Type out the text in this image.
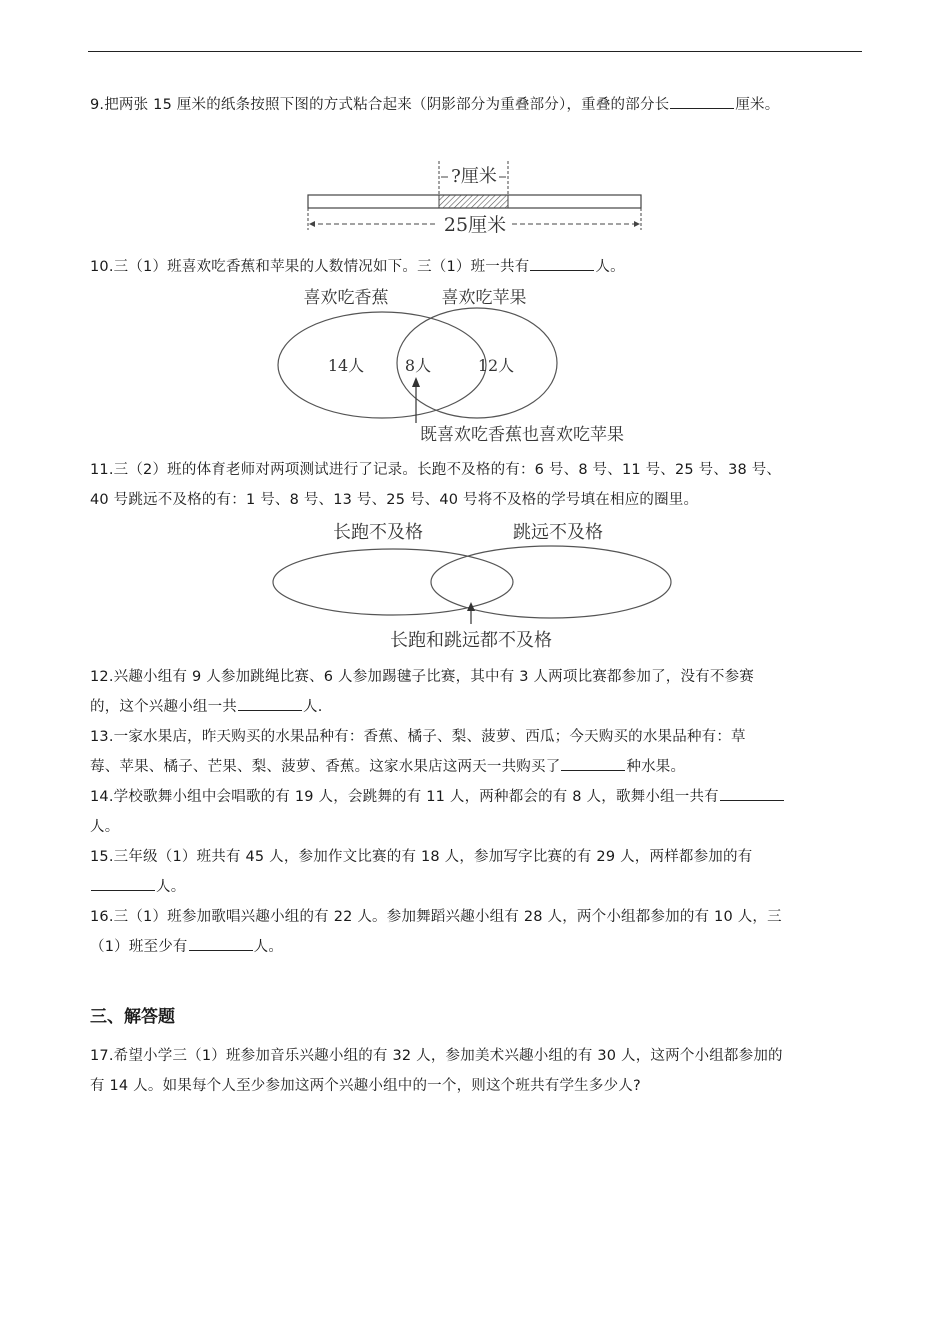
9.把两张 15 厘米的纸条按照下图的方式粘合起来（阴影部分为重叠部分），重叠的部分长	厘米。
?厘米
25厘米
10.三（1）班喜欢吃香蕉和苹果的人数情况如下。三（1）班一共有	人。
喜欢吃香蕉	喜欢吃苹果
14人	8人	12人
既喜欢吃香蕉也喜欢吃苹果
11.三（2）班的体育老师对两项测试进行了记录。长跑不及格的有：6 号、8 号、11 号、25 号、38 号、
40 号跳远不及格的有：1 号、8 号、13 号、25 号、40 号将不及格的学号填在相应的圈里。
长跑不及格	跳远不及格
长跑和跳远都不及格
12.兴趣小组有 9 人参加跳绳比赛、6 人参加踢毽子比赛，其中有 3 人两项比赛都参加了，没有不参赛
的，这个兴趣小组一共	人.
13.一家水果店，昨天购买的水果品种有：香蕉、橘子、梨、菠萝、西瓜；今天购买的水果品种有：草
莓、苹果、橘子、芒果、梨、菠萝、香蕉。这家水果店这两天一共购买了	种水果。
14.学校歌舞小组中会唱歌的有 19 人，会跳舞的有 11 人，两种都会的有 8 人，歌舞小组一共有
人。
15.三年级（1）班共有 45 人，参加作文比赛的有 18 人，参加写字比赛的有 29 人，两样都参加的有
人。
16.三（1）班参加歌唱兴趣小组的有 22 人。参加舞蹈兴趣小组有 28 人，两个小组都参加的有 10 人，三
（1）班至少有	人。
三、解答题
17.希望小学三（1）班参加音乐兴趣小组的有 32 人，参加美术兴趣小组的有 30 人，这两个小组都参加的
有 14 人。如果每个人至少参加这两个兴趣小组中的一个，则这个班共有学生多少人?
